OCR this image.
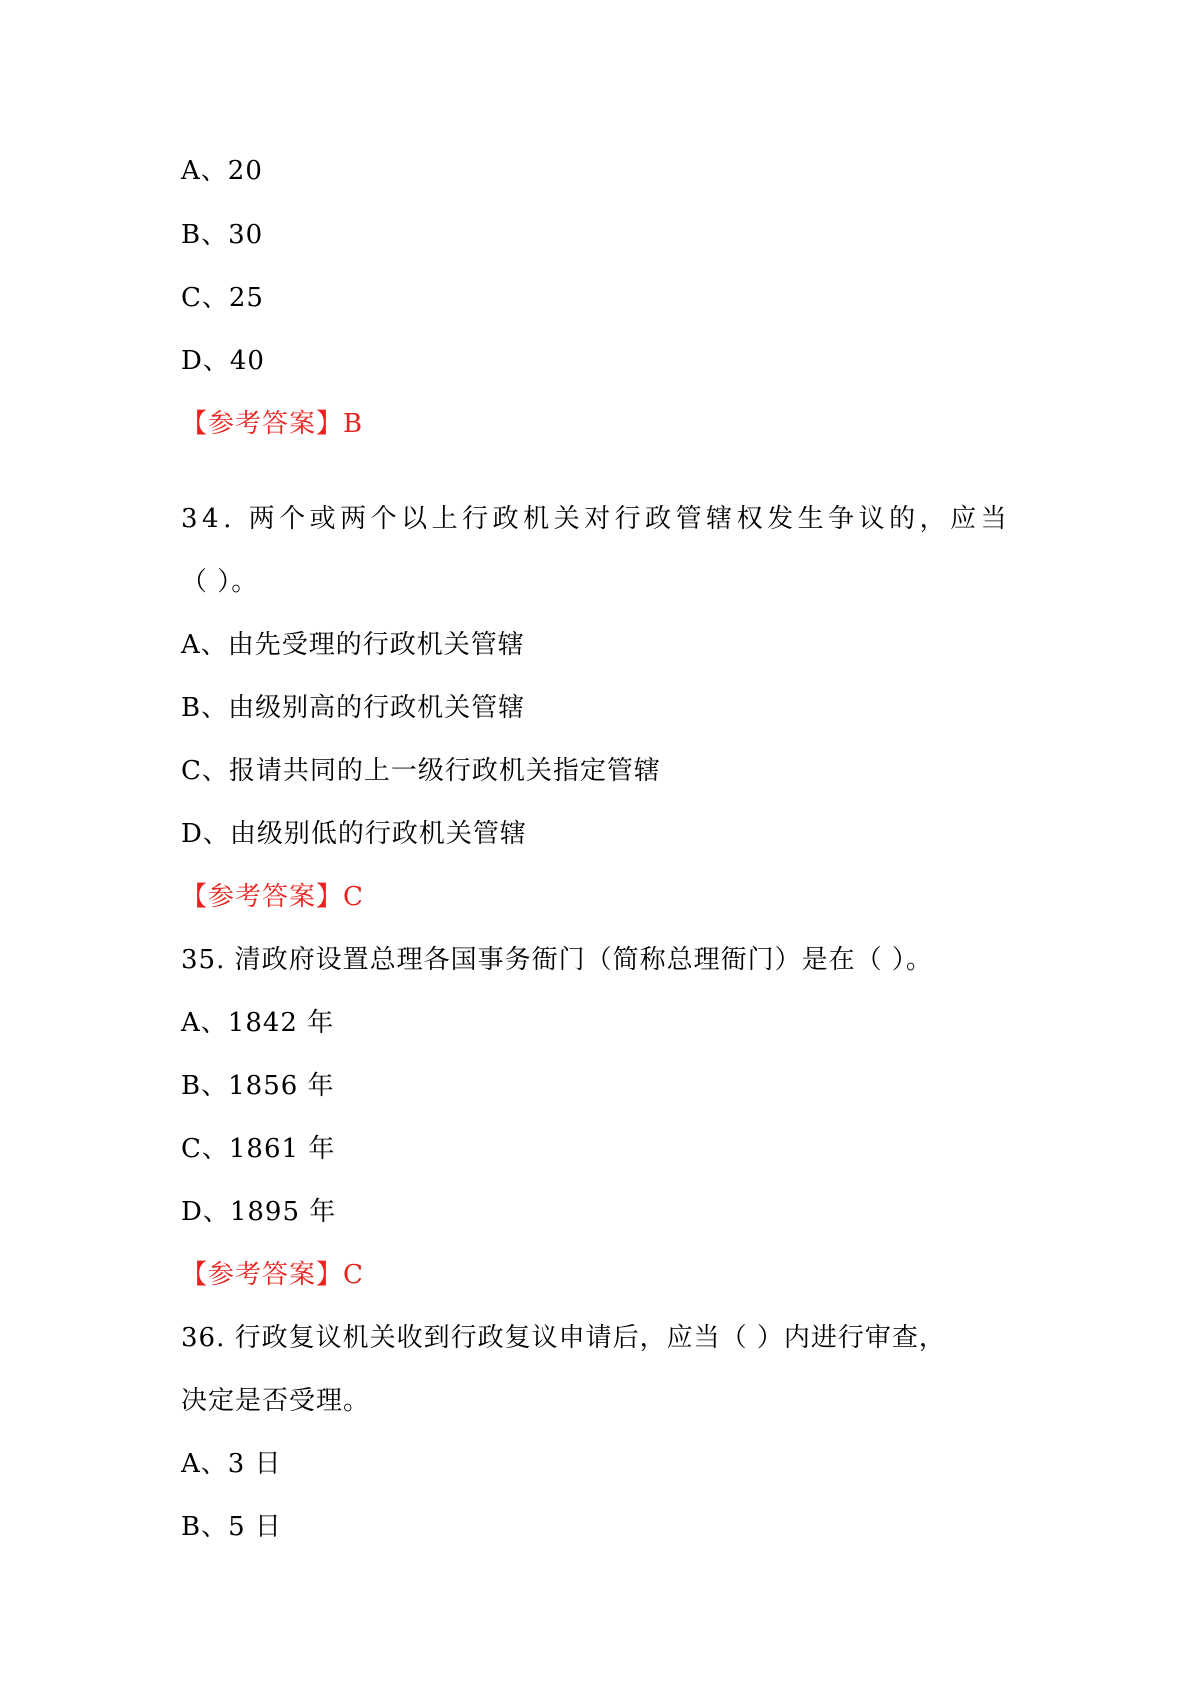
A、20
B、30
C、25
D、40
【参考答案】B
34. 两个或两个以上行政机关对行政管辖权发生争议的，应当
（ ）。
A、由先受理的行政机关管辖
B、由级别高的行政机关管辖
C、报请共同的上一级行政机关指定管辖
D、由级别低的行政机关管辖
【参考答案】C
35. 清政府设置总理各国事务衙门（简称总理衙门）是在（ ）。
A、1842 年
B、1856 年
C、1861 年
D、1895 年
【参考答案】C
36. 行政复议机关收到行政复议申请后，应当（ ）内进行审查，
决定是否受理。
A、3 日
B、5 日
